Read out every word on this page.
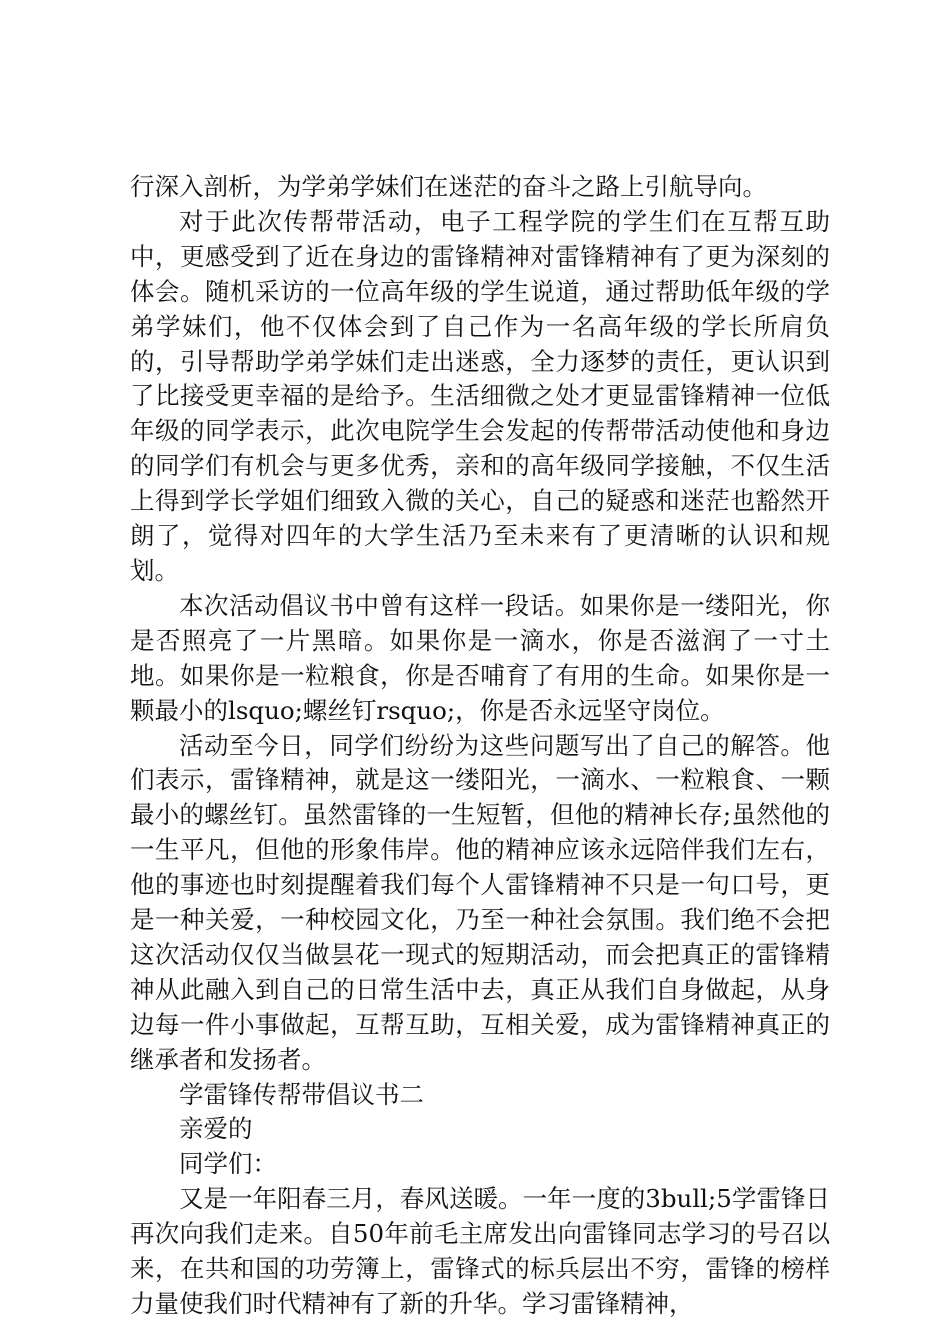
行深入剖析，为学弟学妹们在迷茫的奋斗之路上引航导向。

对于此次传帮带活动，电子工程学院的学生们在互帮互助中，更感受到了近在身边的雷锋精神对雷锋精神有了更为深刻的体会。随机采访的一位高年级的学生说道，通过帮助低年级的学弟学妹们，他不仅体会到了自己作为一名高年级的学长所肩负的，引导帮助学弟学妹们走出迷惑，全力逐梦的责任，更认识到了比接受更幸福的是给予。生活细微之处才更显雷锋精神一位低年级的同学表示，此次电院学生会发起的传帮带活动使他和身边的同学们有机会与更多优秀，亲和的高年级同学接触，不仅生活上得到学长学姐们细致入微的关心，自己的疑惑和迷茫也豁然开朗了，觉得对四年的大学生活乃至未来有了更清晰的认识和规划。

本次活动倡议书中曾有这样一段话。如果你是一缕阳光，你是否照亮了一片黑暗。如果你是一滴水，你是否滋润了一寸土地。如果你是一粒粮食，你是否哺育了有用的生命。如果你是一颗最小的lsquo;螺丝钉rsquo;，你是否永远坚守岗位。

活动至今日，同学们纷纷为这些问题写出了自己的解答。他们表示，雷锋精神，就是这一缕阳光，一滴水、一粒粮食、一颗最小的螺丝钉。虽然雷锋的一生短暂，但他的精神长存;虽然他的一生平凡，但他的形象伟岸。他的精神应该永远陪伴我们左右，他的事迹也时刻提醒着我们每个人雷锋精神不只是一句口号，更是一种关爱，一种校园文化，乃至一种社会氛围。我们绝不会把这次活动仅仅当做昙花一现式的短期活动，而会把真正的雷锋精神从此融入到自己的日常生活中去，真正从我们自身做起，从身边每一件小事做起，互帮互助，互相关爱，成为雷锋精神真正的继承者和发扬者。

学雷锋传帮带倡议书二

亲爱的

同学们：

又是一年阳春三月，春风送暖。一年一度的3bull;5学雷锋日再次向我们走来。自50年前毛主席发出向雷锋同志学习的号召以来，在共和国的功劳簿上，雷锋式的标兵层出不穷，雷锋的榜样力量使我们时代精神有了新的升华。学习雷锋精神，
